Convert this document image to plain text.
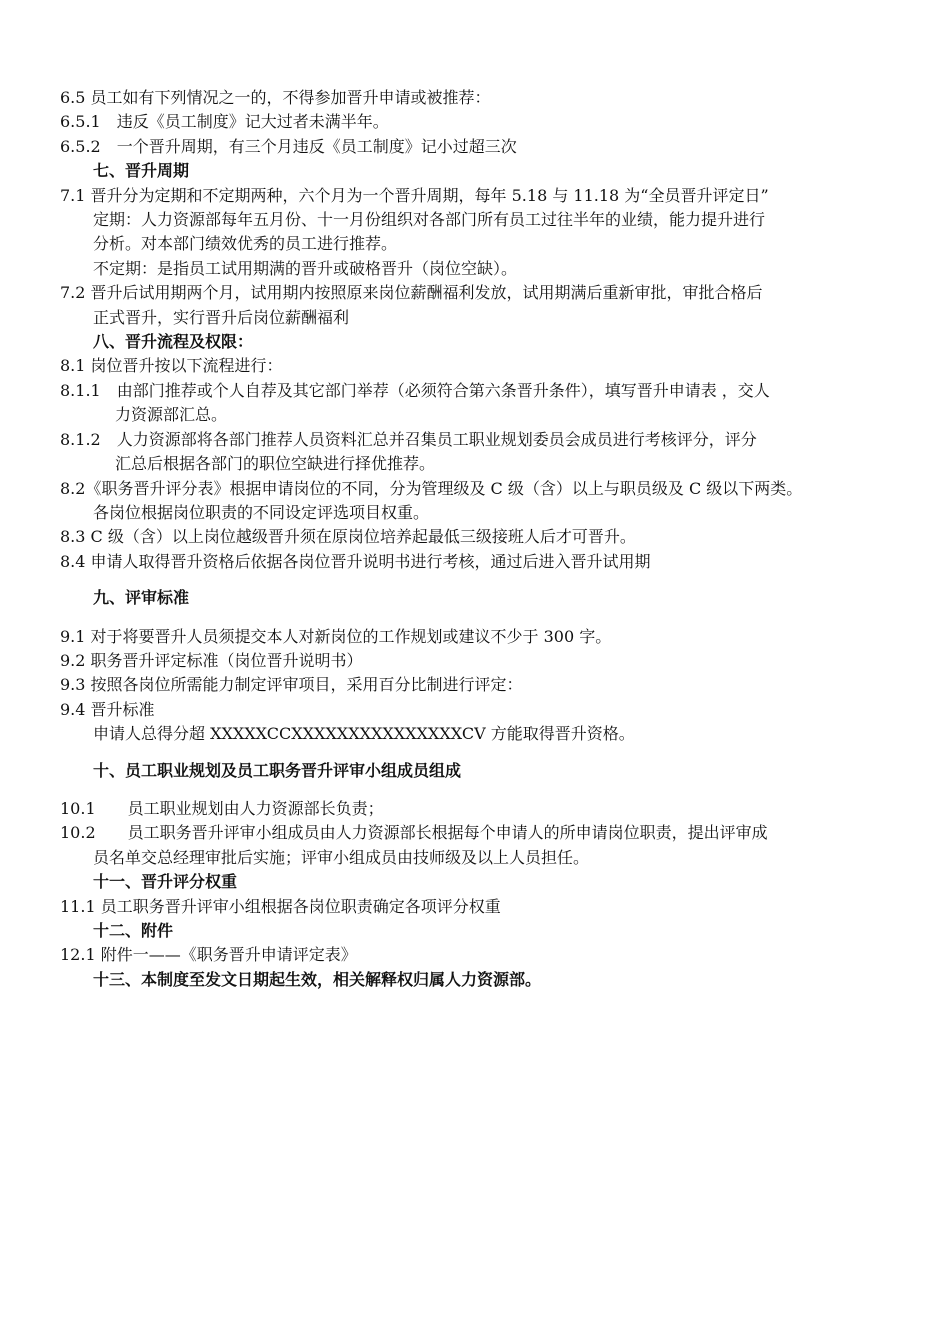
6.5 员工如有下列情况之一的，不得参加晋升申请或被推荐：
6.5.1　违反《员工制度》记大过者未满半年。
6.5.2　一个晋升周期，有三个月违反《员工制度》记小过超三次
七、晋升周期
7.1 晋升分为定期和不定期两种，六个月为一个晋升周期，每年 5.18 与 11.18 为“全员晋升评定日”
定期：人力资源部每年五月份、十一月份组织对各部门所有员工过往半年的业绩，能力提升进行
分析。对本部门绩效优秀的员工进行推荐。
不定期：是指员工试用期满的晋升或破格晋升（岗位空缺）。
7.2 晋升后试用期两个月，试用期内按照原来岗位薪酬福利发放，试用期满后重新审批，审批合格后
正式晋升，实行晋升后岗位薪酬福利
八、晋升流程及权限：
8.1 岗位晋升按以下流程进行：
8.1.1　由部门推荐或个人自荐及其它部门举荐（必须符合第六条晋升条件），填写晋升申请表 ，交人
力资源部汇总。
8.1.2　人力资源部将各部门推荐人员资料汇总并召集员工职业规划委员会成员进行考核评分，评分
汇总后根据各部门的职位空缺进行择优推荐。
8.2《职务晋升评分表》根据申请岗位的不同，分为管理级及 C 级（含）以上与职员级及 C 级以下两类。
各岗位根据岗位职责的不同设定评选项目权重。
8.3 C 级（含）以上岗位越级晋升须在原岗位培养起最低三级接班人后才可晋升。
8.4 申请人取得晋升资格后依据各岗位晋升说明书进行考核，通过后进入晋升试用期
九、评审标准
9.1 对于将要晋升人员须提交本人对新岗位的工作规划或建议不少于 300 字。
9.2 职务晋升评定标准（岗位晋升说明书）
9.3 按照各岗位所需能力制定评审项目，采用百分比制进行评定：
9.4 晋升标准
申请人总得分超 XXXXXCCXXXXXXXXXXXXXXXCV 方能取得晋升资格。
十、员工职业规划及员工职务晋升评审小组成员组成
10.1　　员工职业规划由人力资源部长负责；
10.2　　员工职务晋升评审小组成员由人力资源部长根据每个申请人的所申请岗位职责，提出评审成
员名单交总经理审批后实施；评审小组成员由技师级及以上人员担任。
十一、晋升评分权重
11.1 员工职务晋升评审小组根据各岗位职责确定各项评分权重
十二、附件
12.1 附件一——《职务晋升申请评定表》
十三、本制度至发文日期起生效，相关解释权归属人力资源部。
